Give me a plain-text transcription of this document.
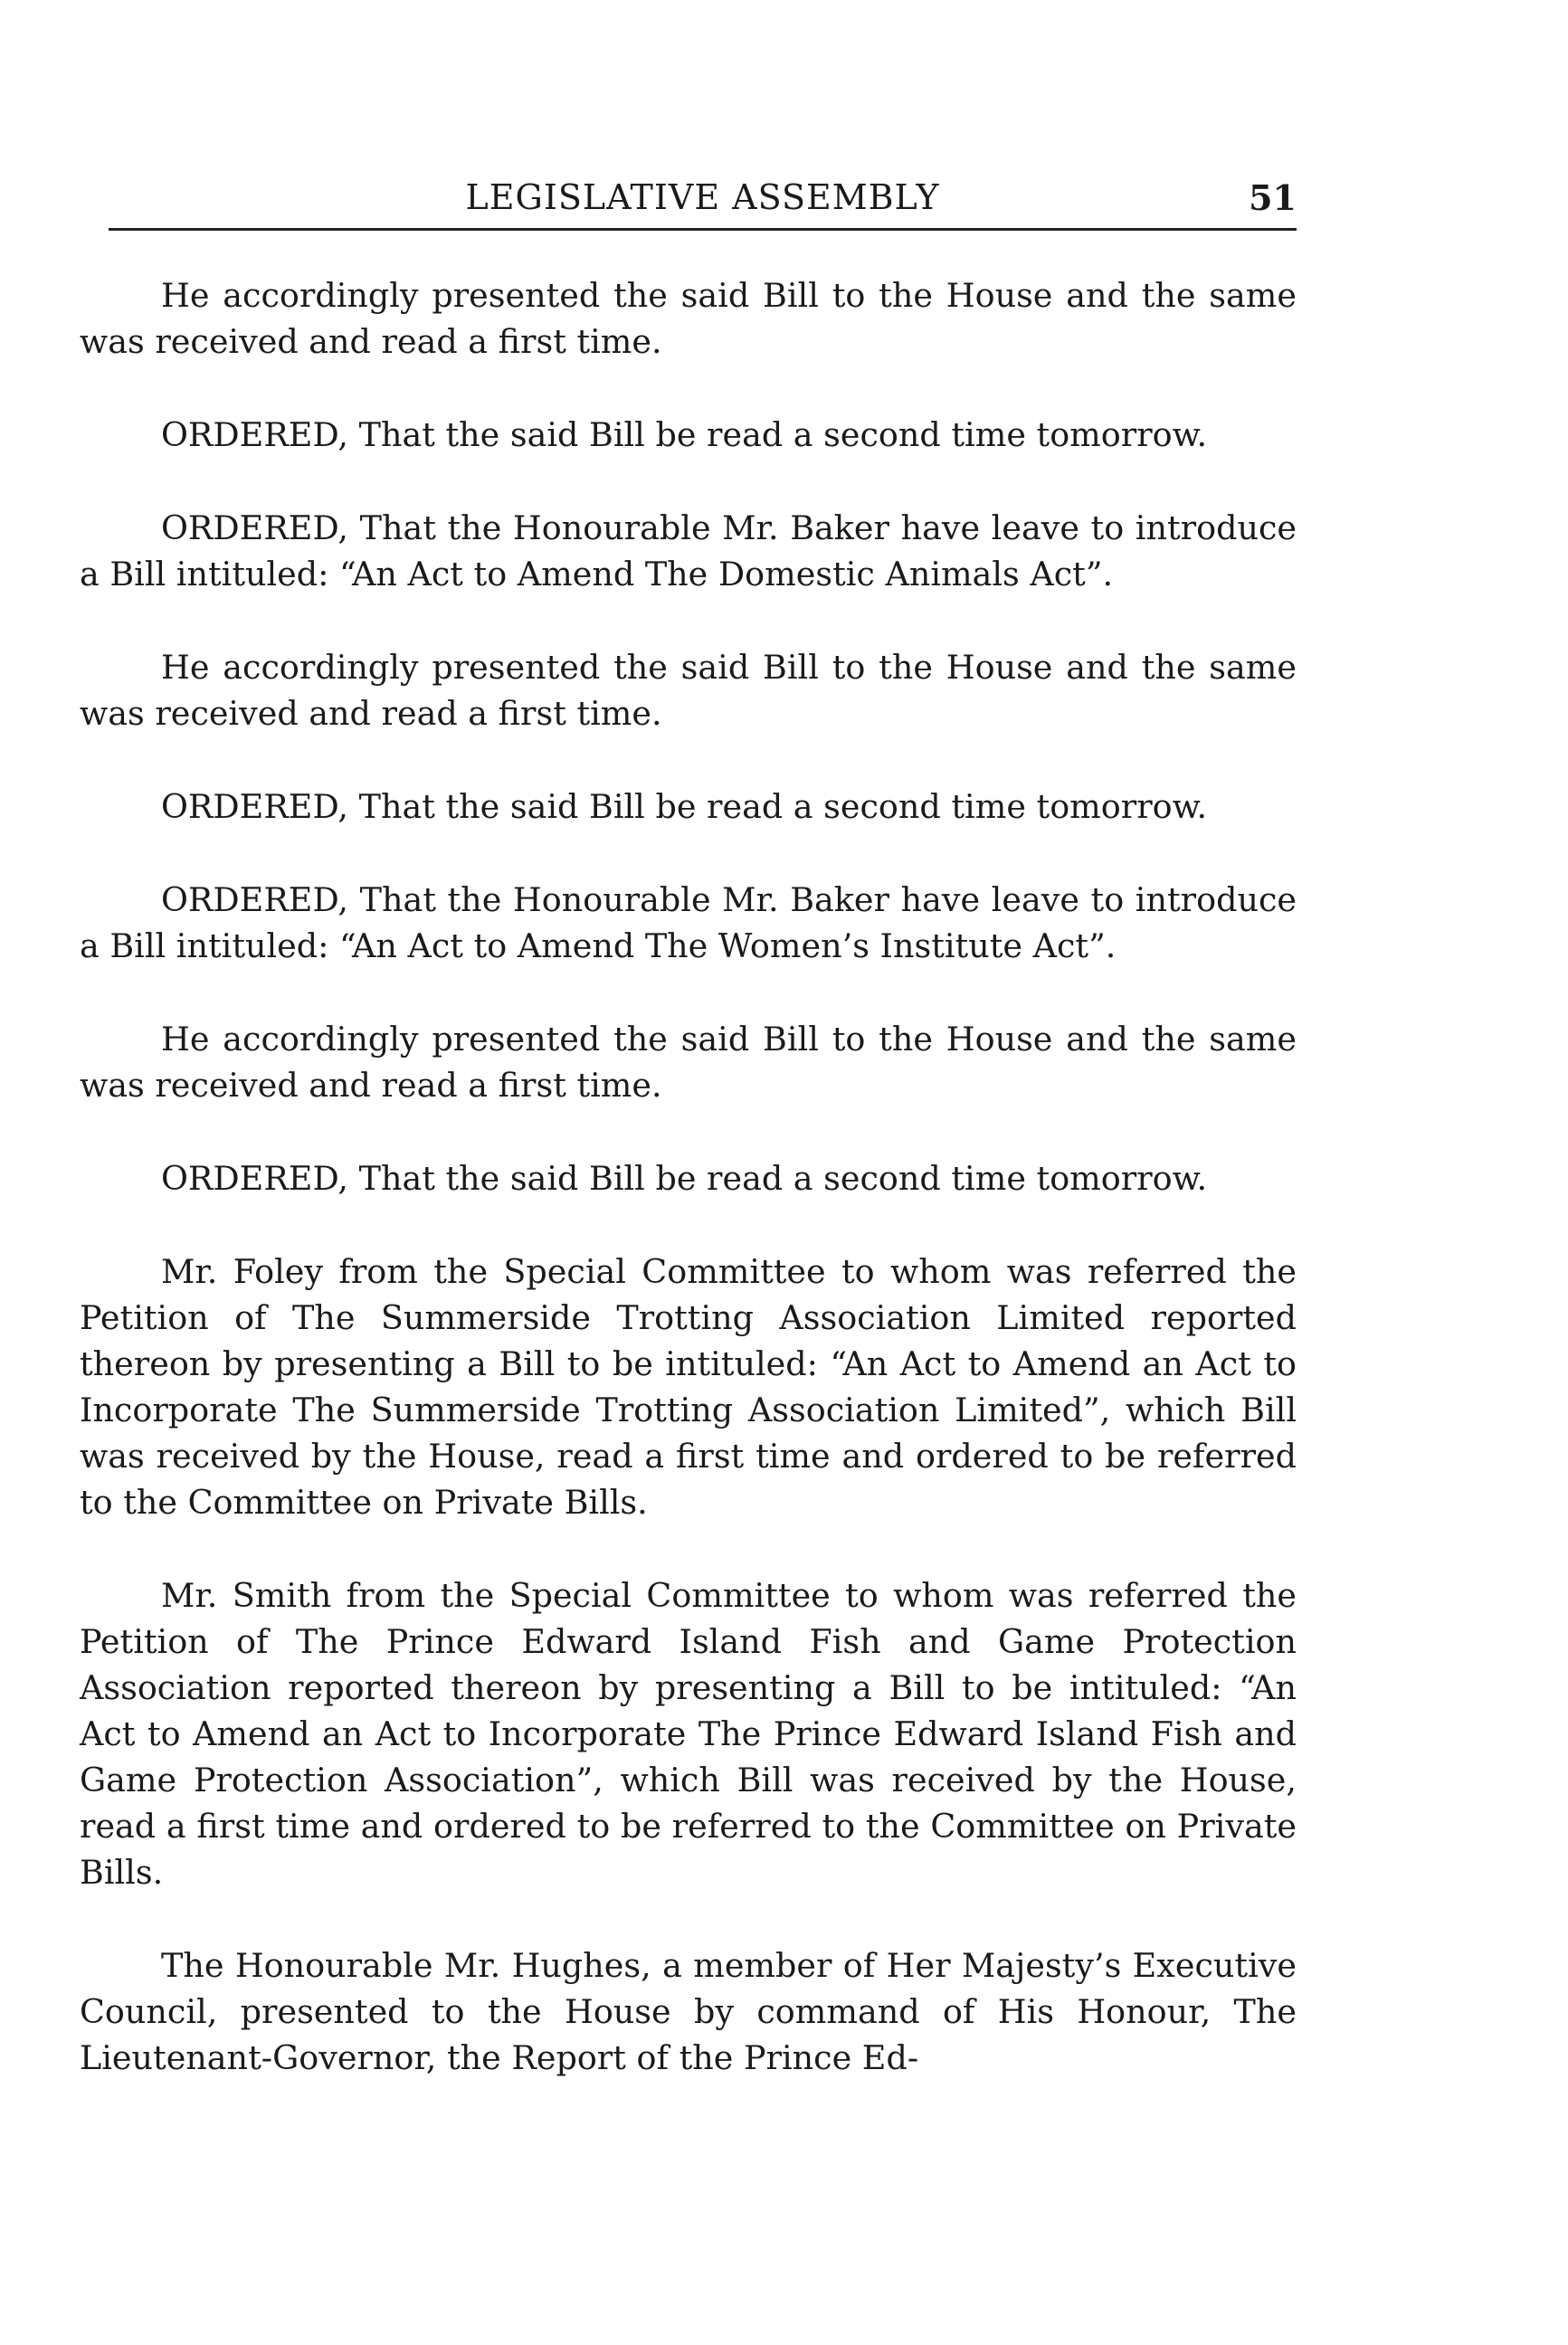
LEGISLATIVE ASSEMBLY	51

He accordingly presented the said Bill to the House and the same was received and read a first time.

ORDERED, That the said Bill be read a second time tomorrow.

ORDERED, That the Honourable Mr. Baker have leave to introduce a Bill intituled: “An Act to Amend The Domestic Animals Act”.

He accordingly presented the said Bill to the House and the same was received and read a first time.

ORDERED, That the said Bill be read a second time tomorrow.

ORDERED, That the Honourable Mr. Baker have leave to introduce a Bill intituled: “An Act to Amend The Women’s Institute Act”.

He accordingly presented the said Bill to the House and the same was received and read a first time.

ORDERED, That the said Bill be read a second time tomorrow.

Mr. Foley from the Special Committee to whom was referred the Petition of The Summerside Trotting Association Limited reported thereon by presenting a Bill to be intituled: “An Act to Amend an Act to Incorporate The Summerside Trotting Association Limited”, which Bill was received by the House, read a first time and ordered to be referred to the Committee on Private Bills.

Mr. Smith from the Special Committee to whom was referred the Petition of The Prince Edward Island Fish and Game Protection Association reported thereon by presenting a Bill to be intituled: “An Act to Amend an Act to Incorporate The Prince Edward Island Fish and Game Protection Association”, which Bill was received by the House, read a first time and ordered to be referred to the Committee on Private Bills.

The Honourable Mr. Hughes, a member of Her Majesty’s Executive Council, presented to the House by command of His Honour, The Lieutenant-Governor, the Report of the Prince Ed-
